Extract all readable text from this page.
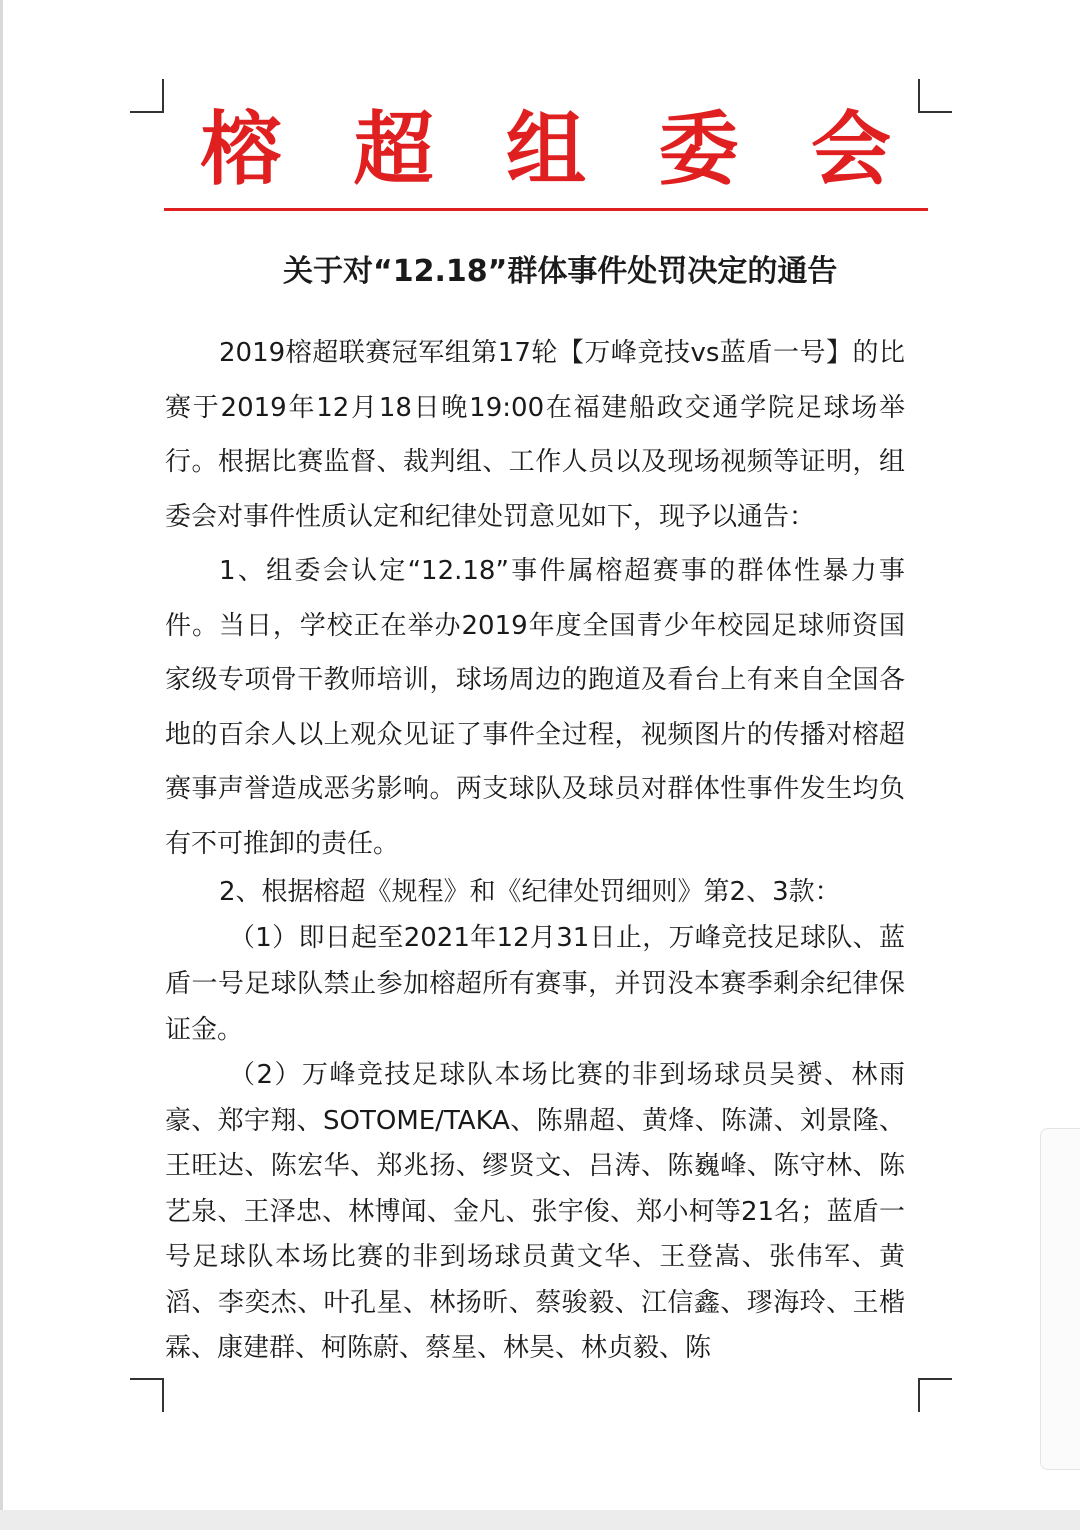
榕 超 组 委 会
关于对“12.18”群体事件处罚决定的通告

2019榕超联赛冠军组第17轮【万峰竞技vs蓝盾一号】的比赛于2019年12月18日晚19:00在福建船政交通学院足球场举行。根据比赛监督、裁判组、工作人员以及现场视频等证明，组委会对事件性质认定和纪律处罚意见如下，现予以通告：

1、组委会认定“12.18”事件属榕超赛事的群体性暴力事件。当日，学校正在举办2019年度全国青少年校园足球师资国家级专项骨干教师培训，球场周边的跑道及看台上有来自全国各地的百余人以上观众见证了事件全过程，视频图片的传播对榕超赛事声誉造成恶劣影响。两支球队及球员对群体性事件发生均负有不可推卸的责任。

2、根据榕超《规程》和《纪律处罚细则》第2、3款：

（1）即日起至2021年12月31日止，万峰竞技足球队、蓝盾一号足球队禁止参加榕超所有赛事，并罚没本赛季剩余纪律保证金。

（2）万峰竞技足球队本场比赛的非到场球员吴赟、林雨豪、郑宇翔、SOTOME/TAKA、陈鼎超、黄烽、陈潇、刘景隆、王旺达、陈宏华、郑兆扬、缪贤文、吕涛、陈巍峰、陈守林、陈艺泉、王泽忠、林博闻、金凡、张宇俊、郑小柯等21名；蓝盾一号足球队本场比赛的非到场球员黄文华、王登嵩、张伟军、黄滔、李奕杰、叶孔星、林扬昕、蔡骏毅、江信鑫、璆海玲、王楷霖、康建群、柯陈蔚、蔡星、林昊、林贞毅、陈
